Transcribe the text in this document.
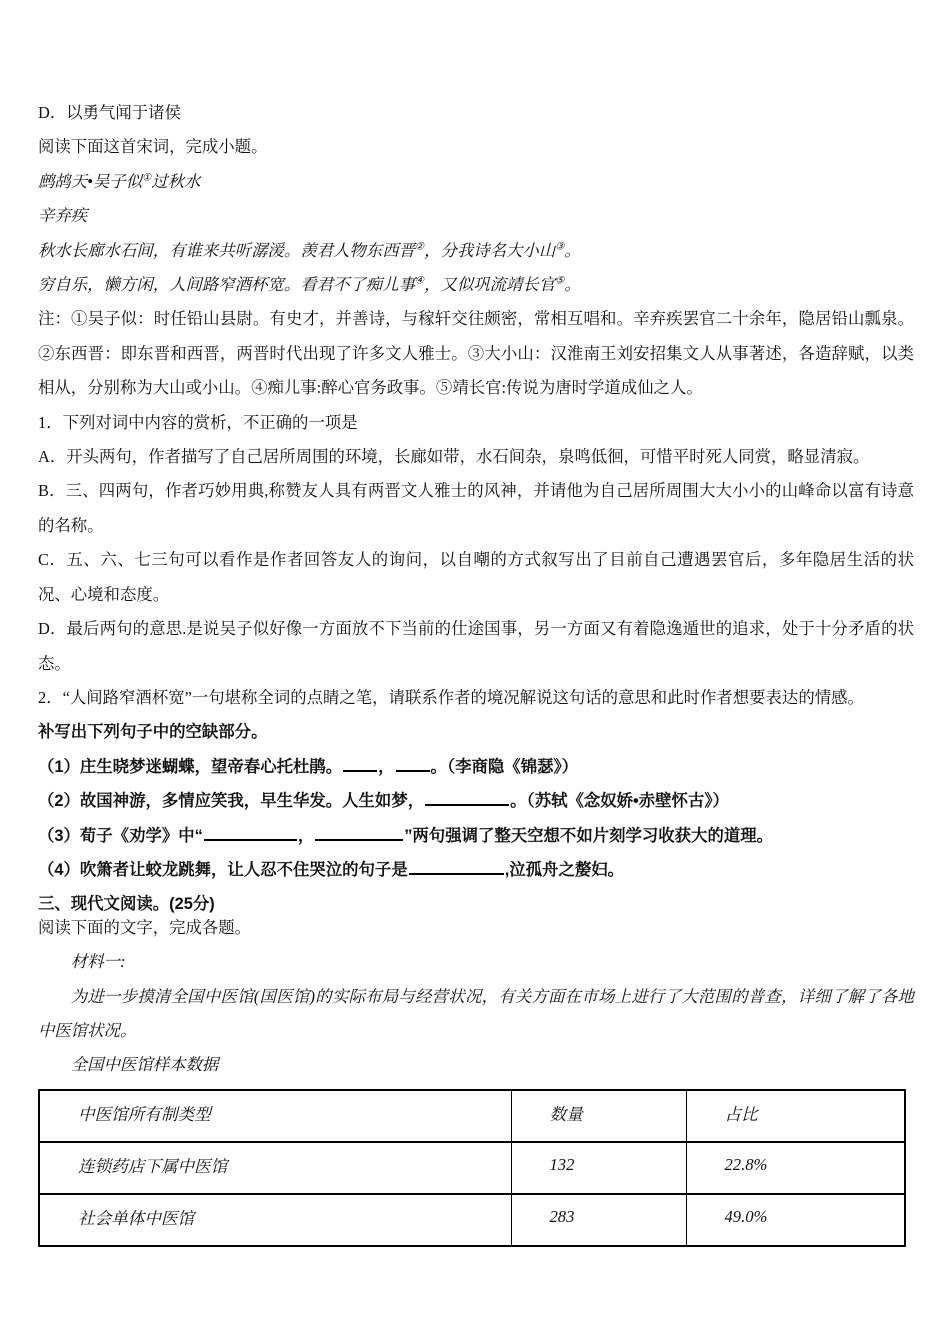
D．以勇气闻于诸侯

阅读下面这首宋词，完成小题。

鹧鸪天•吴子似①过秋水

辛弃疾

秋水长廊水石间，有谁来共听潺湲。羡君人物东西晋②，分我诗名大小山③。

穷自乐，懒方闲，人间路窄酒杯宽。看君不了痴儿事④，又似巩流靖长官⑤。

注：①吴子似：时任铅山县尉。有史才，并善诗，与稼轩交往颇密，常相互唱和。辛弃疾罢官二十余年，隐居铅山瓢泉。②东西晋：即东晋和西晋，两晋时代出现了许多文人雅士。③大小山：汉淮南王刘安招集文人从事著述，各造辞赋，以类相从，分别称为大山或小山。④痴儿事:醉心官务政事。⑤靖长官:传说为唐时学道成仙之人。

1．下列对词中内容的赏析，不正确的一项是

A．开头两句，作者描写了自己居所周围的环境，长廊如带，水石间杂，泉鸣低徊，可惜平时死人同赏，略显清寂。

B．三、四两句，作者巧妙用典,称赞友人具有两晋文人雅士的风神，并请他为自己居所周围大大小小的山峰命以富有诗意的名称。

C．五、六、七三句可以看作是作者回答友人的询问，以自嘲的方式叙写出了目前自己遭遇罢官后，多年隐居生活的状况、心境和态度。

D．最后两句的意思.是说吴子似好像一方面放不下当前的仕途国事，另一方面又有着隐逸遁世的追求，处于十分矛盾的状态。

2．“人间路窄酒杯宽”一句堪称全词的点睛之笔，请联系作者的境况解说这句话的意思和此时作者想要表达的情感。

补写出下列句子中的空缺部分。

（1）庄生晓梦迷蝴蝶，望帝春心托杜鹃。 ， 。（李商隐《锦瑟》）

（2）故国神游，多情应笑我，早生华发。人生如梦，	。（苏轼《念奴娇•赤壁怀古》）

（3）荀子《劝学》中“	，	”两句强调了整天空想不如片刻学习收获大的道理。

（4）吹箫者让蛟龙跳舞，让人忍不住哭泣的句子是	,泣孤舟之嫠妇。

三、现代文阅读。(25分)

阅读下面的文字，完成各题。

材料一:

为进一步摸清全国中医馆(国医馆)的实际布局与经营状况，有关方面在市场上进行了大范围的普查，详细了解了各地中医馆状况。

全国中医馆样本数据

中医馆所有制类型	数量	占比
连锁药店下属中医馆	132	22.8%
社会单体中医馆	283	49.0%
